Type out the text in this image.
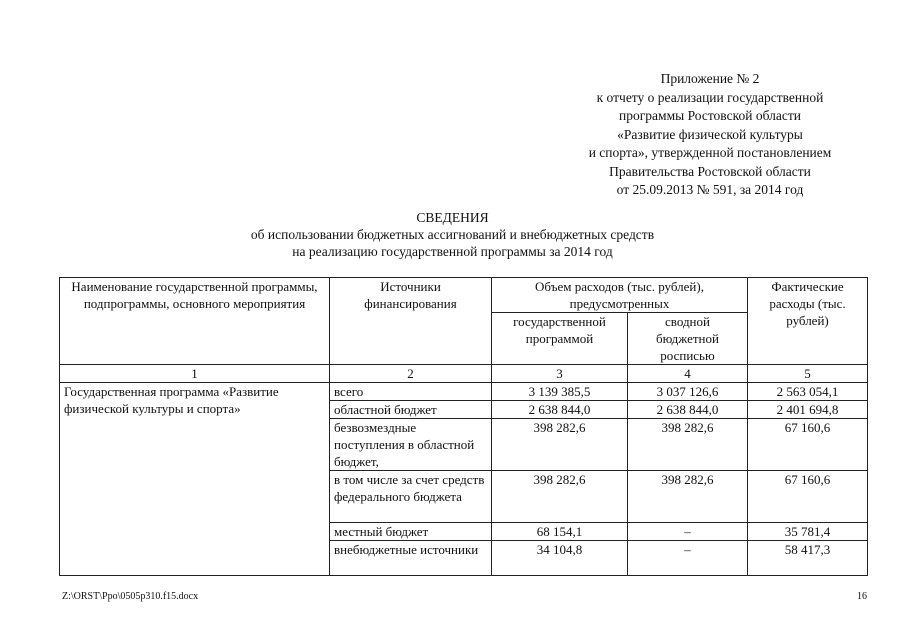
Приложение № 2
к отчету о реализации государственной
программы Ростовской области
«Развитие физической культуры
и спорта», утвержденной постановлением
Правительства Ростовской области
от 25.09.2013 № 591, за 2014 год
СВЕДЕНИЯ
об использовании бюджетных ассигнований и внебюджетных средств
на реализацию государственной программы за 2014 год
Наименование государственной программы, подпрограммы, основного мероприятия	Источники финансирования	Объем расходов (тыс. рублей), предусмотренных		Фактические расходы (тыс. рублей)
		государственной программой	сводной бюджетной росписью	
1	2	3	4	5
Государственная программа «Развитие физической культуры и спорта»	всего	3 139 385,5	3 037 126,6	2 563 054,1
	областной бюджет	2 638 844,0	2 638 844,0	2 401 694,8
	безвозмездные поступления в областной бюджет,	398 282,6	398 282,6	67 160,6
	в том числе за счет средств федерального бюджета	398 282,6	398 282,6	67 160,6
	местный бюджет	68 154,1	–	35 781,4
	внебюджетные источники	34 104,8	–	58 417,3
Z:\ORST\Ppo\0505p310.f15.docx	16
